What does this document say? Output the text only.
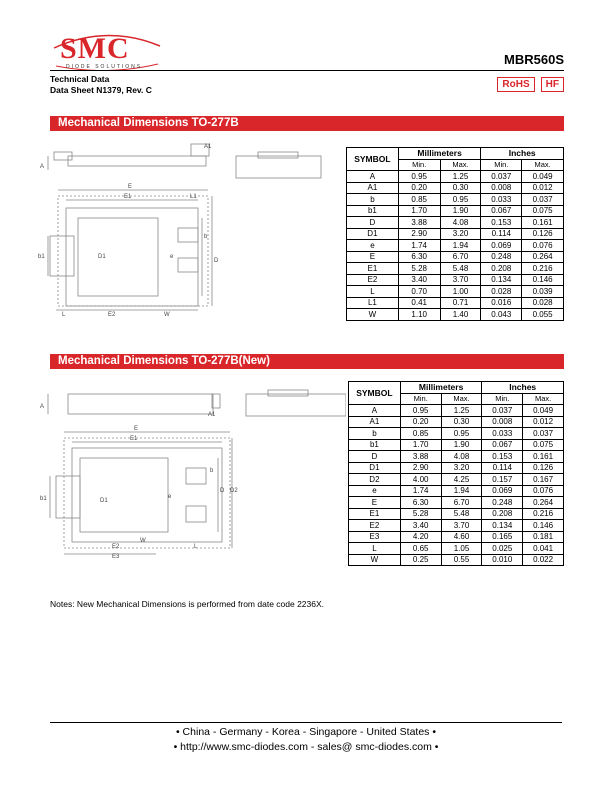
SMC
DIODE SOLUTIONS	MBR560S
Technical Data
Data Sheet N1379, Rev. C	RoHS	HF
Mechanical Dimensions TO-277B
A
A1
E
E1	L1
b
b1	D1	e
D
L	E2	W
SYMBOL	Millimeters		Inches	
	Min.	Max.	Min.	Max.
A	0.95	1.25	0.037	0.049
A1	0.20	0.30	0.008	0.012
b	0.85	0.95	0.033	0.037
b1	1.70	1.90	0.067	0.075
D	3.88	4.08	0.153	0.161
D1	2.90	3.20	0.114	0.126
e	1.74	1.94	0.069	0.076
E	6.30	6.70	0.248	0.264
E1	5.28	5.48	0.208	0.216
E2	3.40	3.70	0.134	0.146
L	0.70	1.00	0.028	0.039
L1	0.41	0.71	0.016	0.028
W	1.10	1.40	0.043	0.055
Mechanical Dimensions TO-277B(New)
A
A1
E
E1
b
b1	D1
e
D D2
W
L
E2
E3
SYMBOL	Millimeters		Inches	
	Min.	Max.	Min.	Max.
A	0.95	1.25	0.037	0.049
A1	0.20	0.30	0.008	0.012
b	0.85	0.95	0.033	0.037
b1	1.70	1.90	0.067	0.075
D	3.88	4.08	0.153	0.161
D1	2.90	3.20	0.114	0.126
D2	4.00	4.25	0.157	0.167
e	1.74	1.94	0.069	0.076
E	6.30	6.70	0.248	0.264
E1	5.28	5.48	0.208	0.216
E2	3.40	3.70	0.134	0.146
E3	4.20	4.60	0.165	0.181
L	0.65	1.05	0.025	0.041
W	0.25	0.55	0.010	0.022
Notes: New Mechanical Dimensions is performed from date code 2236X.
• China - Germany - Korea - Singapore - United States •
• http://www.smc-diodes.com - sales@ smc-diodes.com •
